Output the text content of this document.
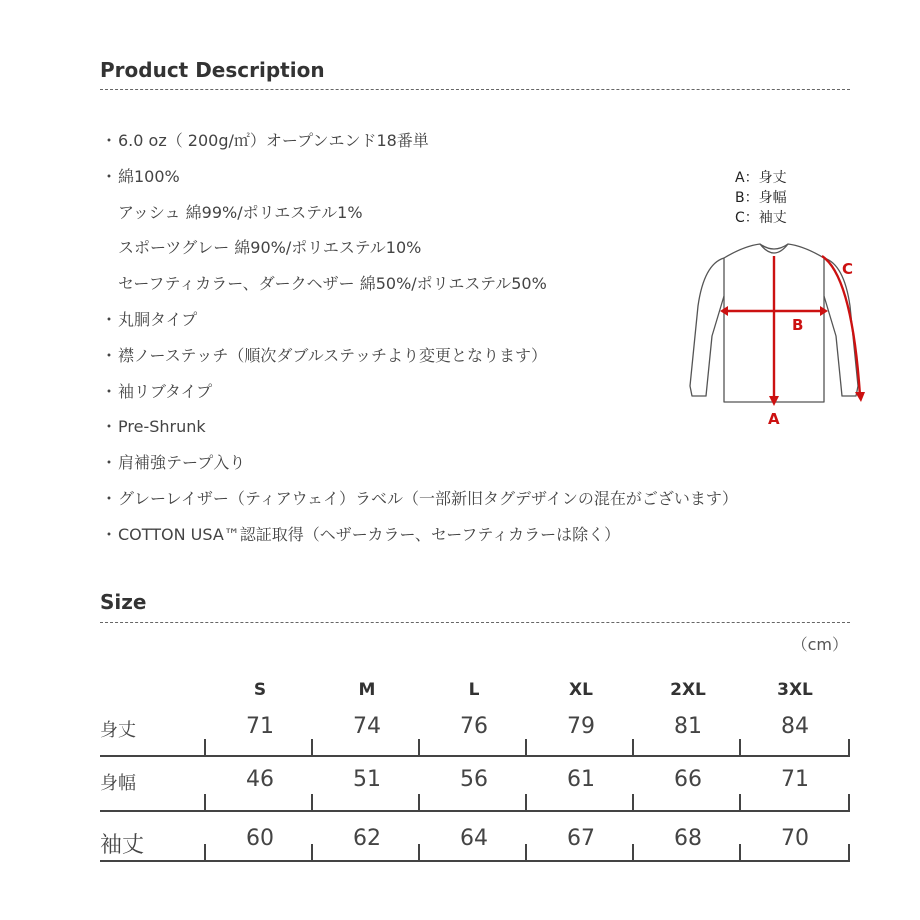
Product Description
・6.0 oz（ 200g/㎡）オープンエンド18番単
・綿100%
アッシュ 綿99%/ポリエステル1%
スポーツグレー 綿90%/ポリエステル10%
セーフティカラー、ダークヘザー 綿50%/ポリエステル50%
・丸胴タイプ
・襟ノーステッチ（順次ダブルステッチより変更となります）
・袖リブタイプ
・Pre-Shrunk
・肩補強テープ入り
・グレーレイザー（ティアウェイ）ラベル（一部新旧タグデザインの混在がございます）
・COTTON USA™認証取得（ヘザーカラー、セーフティカラーは除く）
A：身丈
B：身幅
C：袖丈
A
B
C
Size
（cm）
S	M	L	XL	2XL	3XL
身丈	71	74	76	79	81	84
身幅	46	51	56	61	66	71
袖丈	60	62	64	67	68	70
